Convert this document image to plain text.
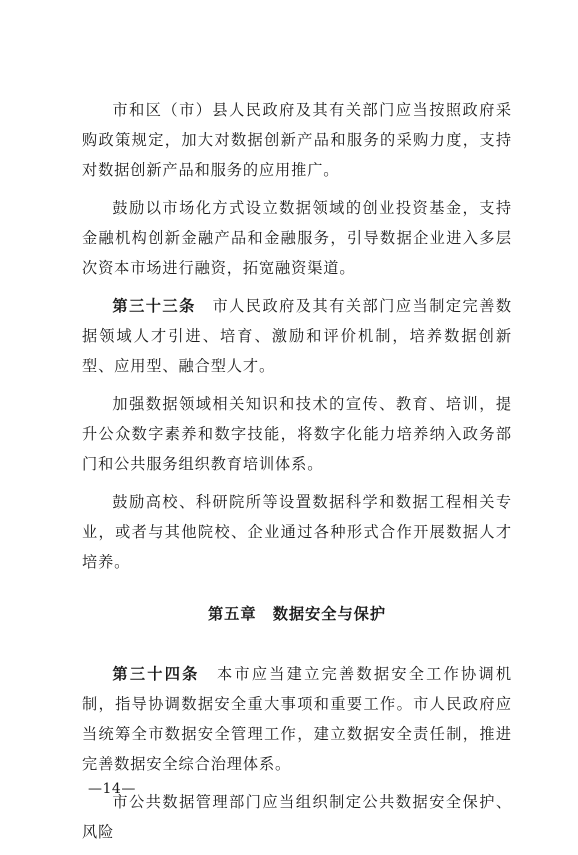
市和区（市）县人民政府及其有关部门应当按照政府采购政策规定，加大对数据创新产品和服务的采购力度，支持对数据创新产品和服务的应用推广。

鼓励以市场化方式设立数据领域的创业投资基金，支持金融机构创新金融产品和金融服务，引导数据企业进入多层次资本市场进行融资，拓宽融资渠道。

第三十三条　市人民政府及其有关部门应当制定完善数据领域人才引进、培育、激励和评价机制，培养数据创新型、应用型、融合型人才。

加强数据领域相关知识和技术的宣传、教育、培训，提升公众数字素养和数字技能，将数字化能力培养纳入政务部门和公共服务组织教育培训体系。

鼓励高校、科研院所等设置数据科学和数据工程相关专业，或者与其他院校、企业通过各种形式合作开展数据人才培养。

第五章　数据安全与保护

第三十四条　本市应当建立完善数据安全工作协调机制，指导协调数据安全重大事项和重要工作。市人民政府应当统筹全市数据安全管理工作，建立数据安全责任制，推进完善数据安全综合治理体系。

市公共数据管理部门应当组织制定公共数据安全保护、风险

—14—
